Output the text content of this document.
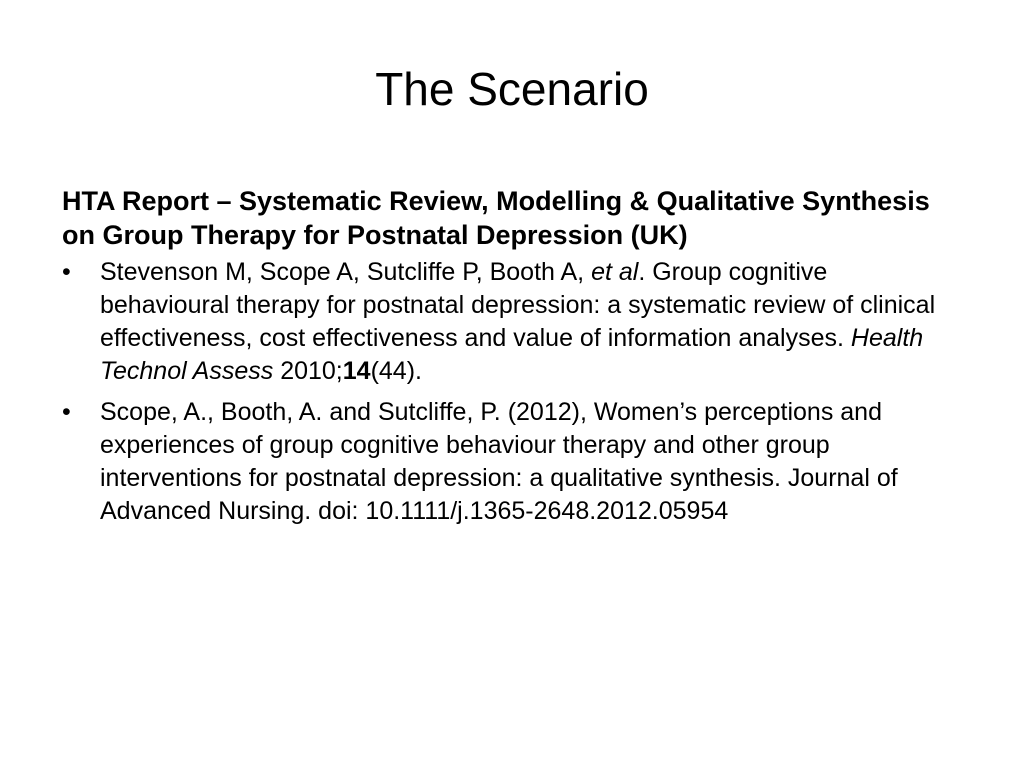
The Scenario

HTA Report – Systematic Review, Modelling & Qualitative Synthesis on Group Therapy for Postnatal Depression (UK)

• Stevenson M, Scope A, Sutcliffe P, Booth A, et al. Group cognitive behavioural therapy for postnatal depression: a systematic review of clinical effectiveness, cost effectiveness and value of information analyses. Health Technol Assess 2010;14(44).
• Scope, A., Booth, A. and Sutcliffe, P. (2012), Women’s perceptions and experiences of group cognitive behaviour therapy and other group interventions for postnatal depression: a qualitative synthesis. Journal of Advanced Nursing. doi: 10.1111/j.1365-2648.2012.05954
